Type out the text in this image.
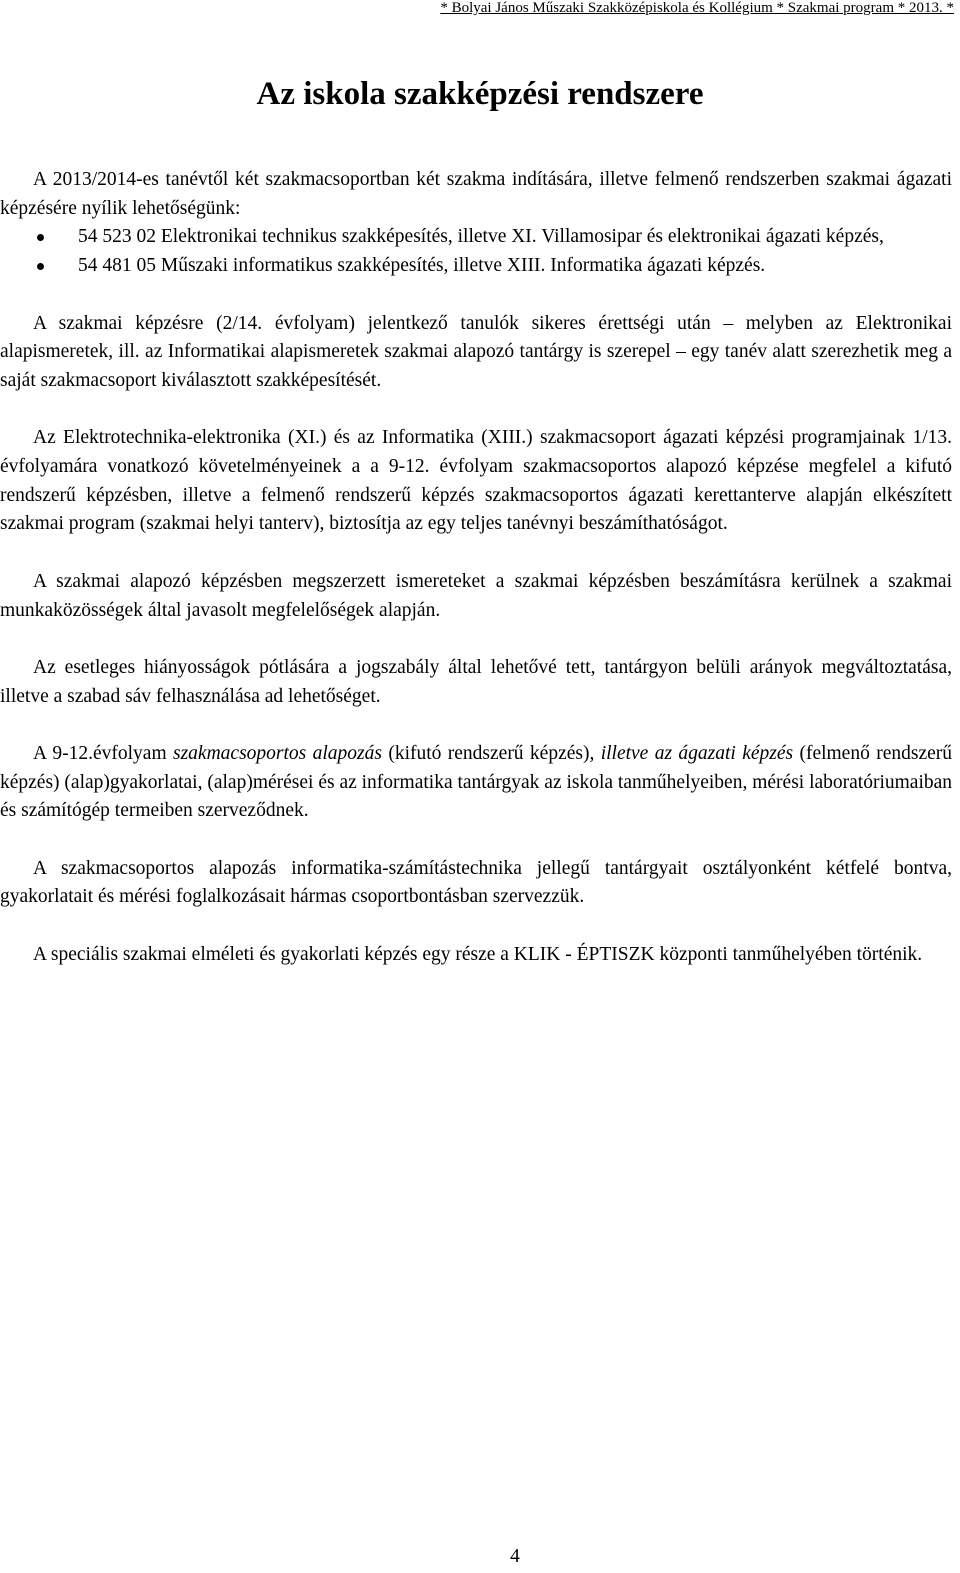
* Bolyai János Műszaki Szakközépiskola és Kollégium * Szakmai program * 2013. *
Az iskola szakképzési rendszere

A 2013/2014-es tanévtől két szakmacsoportban két szakma indítására, illetve felmenő rendszerben szakmai ágazati képzésére nyílik lehetőségünk:

54 523 02 Elektronikai technikus szakképesítés, illetve XI. Villamosipar és elektronikai ágazati képzés,
54 481 05 Műszaki informatikus szakképesítés, illetve XIII. Informatika ágazati képzés.

A szakmai képzésre (2/14. évfolyam) jelentkező tanulók sikeres érettségi után – melyben az Elektronikai alapismeretek, ill. az Informatikai alapismeretek szakmai alapozó tantárgy is szerepel – egy tanév alatt szerezhetik meg a saját szakmacsoport kiválasztott szakképesítését.

Az Elektrotechnika-elektronika (XI.) és az Informatika (XIII.) szakmacsoport ágazati képzési programjainak 1/13. évfolyamára vonatkozó követelményeinek a a 9-12. évfolyam szakmacsoportos alapozó képzése megfelel a kifutó rendszerű képzésben, illetve a felmenő rendszerű képzés szakmacsoportos ágazati kerettanterve alapján elkészített szakmai program (szakmai helyi tanterv), biztosítja az egy teljes tanévnyi beszámíthatóságot.

A szakmai alapozó képzésben megszerzett ismereteket a szakmai képzésben beszámításra kerülnek a szakmai munkaközösségek által javasolt megfelelőségek alapján.

Az esetleges hiányosságok pótlására a jogszabály által lehetővé tett, tantárgyon belüli arányok megváltoztatása, illetve a szabad sáv felhasználása ad lehetőséget.

A 9-12.évfolyam szakmacsoportos alapozás (kifutó rendszerű képzés), illetve az ágazati képzés (felmenő rendszerű képzés) (alap)gyakorlatai, (alap)mérései és az informatika tantárgyak az iskola tanműhelyeiben, mérési laboratóriumaiban és számítógép termeiben szerveződnek.

A szakmacsoportos alapozás informatika-számítástechnika jellegű tantárgyait osztályonként kétfelé bontva, gyakorlatait és mérési foglalkozásait hármas csoportbontásban szervezzük.

A speciális szakmai elméleti és gyakorlati képzés egy része a KLIK - ÉPTISZK központi tanműhelyében történik.

4
